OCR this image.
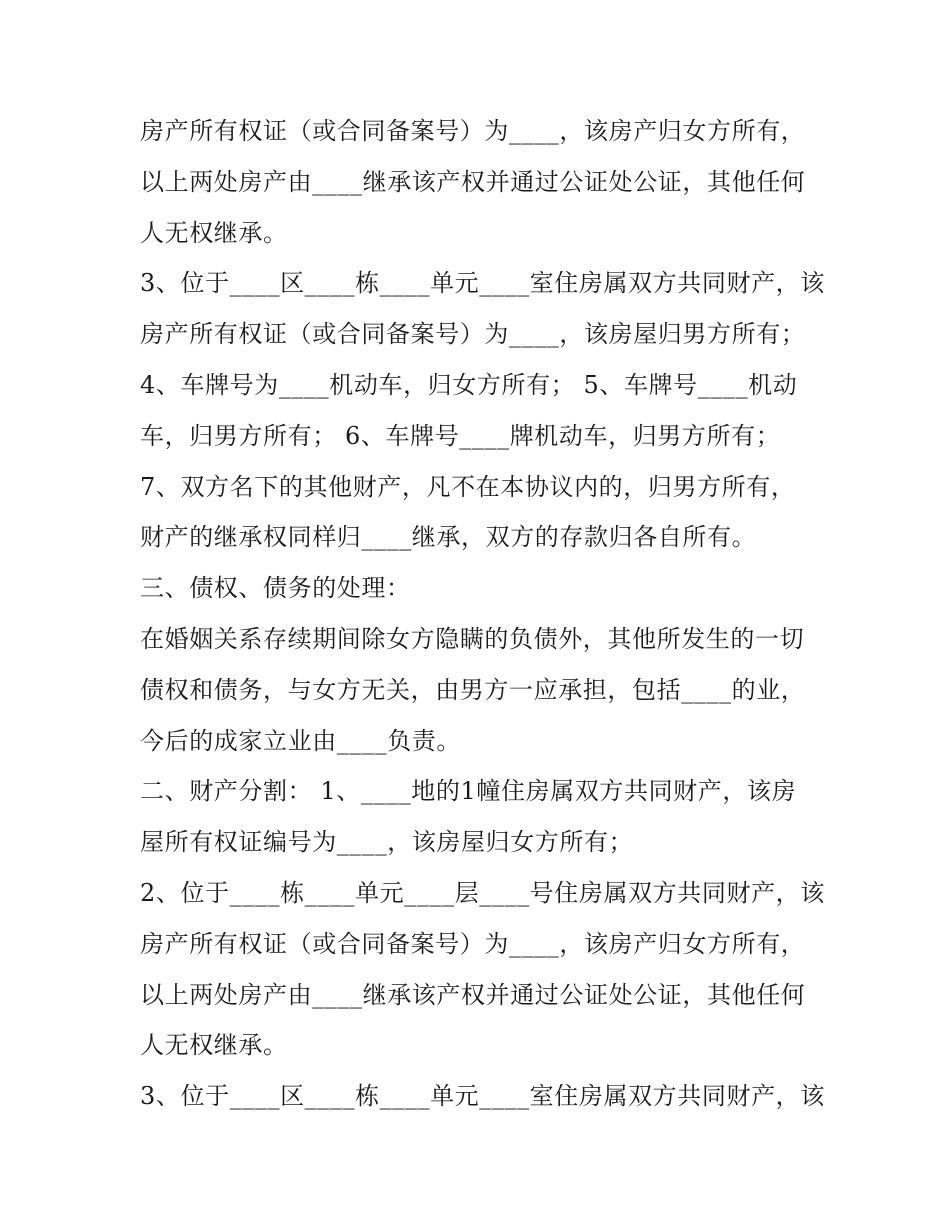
房产所有权证（或合同备案号）为____，该房产归女方所有，
以上两处房产由____继承该产权并通过公证处公证，其他任何
人无权继承。
3、位于____区____栋____单元____室住房属双方共同财产，该
房产所有权证（或合同备案号）为____，该房屋归男方所有；
4、车牌号为____机动车，归女方所有； 5、车牌号____机动
车，归男方所有； 6、车牌号____牌机动车，归男方所有；
7、双方名下的其他财产，凡不在本协议内的，归男方所有，
财产的继承权同样归____继承，双方的存款归各自所有。
三、债权、债务的处理：
在婚姻关系存续期间除女方隐瞒的负债外，其他所发生的一切
债权和债务，与女方无关，由男方一应承担，包括____的业，
今后的成家立业由____负责。
二、财产分割： 1、____地的1幢住房属双方共同财产，该房
屋所有权证编号为____，该房屋归女方所有；
2、位于____栋____单元____层____号住房属双方共同财产，该
房产所有权证（或合同备案号）为____，该房产归女方所有，
以上两处房产由____继承该产权并通过公证处公证，其他任何
人无权继承。
3、位于____区____栋____单元____室住房属双方共同财产，该
